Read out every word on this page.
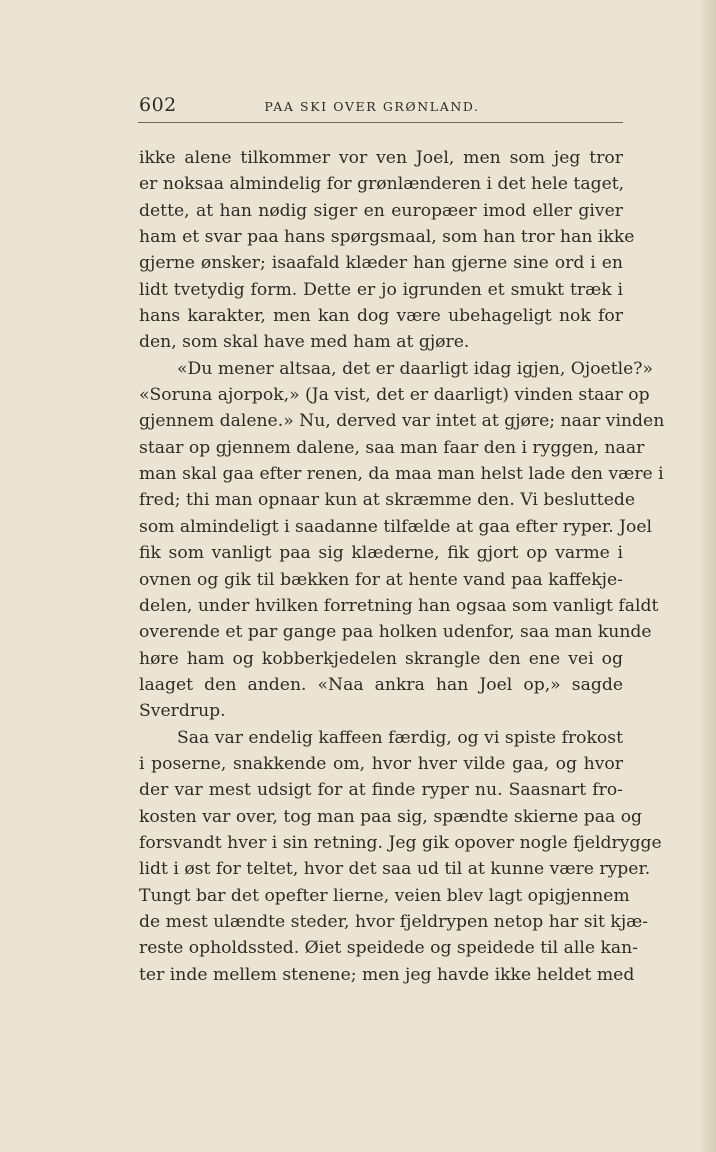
602	PAA SKI OVER GRØNLAND.
ikke alene tilkommer vor ven Joel, men som jeg tror
er noksaa almindelig for grønlænderen i det hele taget,
dette, at han nødig siger en europæer imod eller giver
ham et svar paa hans spørgsmaal, som han tror han ikke
gjerne ønsker; isaafald klæder han gjerne sine ord i en
lidt tvetydig form. Dette er jo igrunden et smukt træk i
hans karakter, men kan dog være ubehageligt nok for
den, som skal have med ham at gjøre.
«Du mener altsaa, det er daarligt idag igjen, Ojoetle?»
«Soruna ajorpok,» (Ja vist, det er daarligt) vinden staar op
gjennem dalene.» Nu, derved var intet at gjøre; naar vinden
staar op gjennem dalene, saa man faar den i ryggen, naar
man skal gaa efter renen, da maa man helst lade den være i
fred; thi man opnaar kun at skræmme den. Vi besluttede
som almindeligt i saadanne tilfælde at gaa efter ryper. Joel
fik som vanligt paa sig klæderne, fik gjort op varme i
ovnen og gik til bækken for at hente vand paa kaffekje-
delen, under hvilken forretning han ogsaa som vanligt faldt
overende et par gange paa holken udenfor, saa man kunde
høre ham og kobberkjedelen skrangle den ene vei og
laaget den anden. «Naa ankra han Joel op,» sagde
Sverdrup.
Saa var endelig kaffeen færdig, og vi spiste frokost
i poserne, snakkende om, hvor hver vilde gaa, og hvor
der var mest udsigt for at finde ryper nu. Saasnart fro-
kosten var over, tog man paa sig, spændte skierne paa og
forsvandt hver i sin retning. Jeg gik opover nogle fjeldrygge
lidt i øst for teltet, hvor det saa ud til at kunne være ryper.
Tungt bar det opefter lierne, veien blev lagt opigjennem
de mest ulændte steder, hvor fjeldrypen netop har sit kjæ-
reste opholdssted. Øiet speidede og speidede til alle kan-
ter inde mellem stenene; men jeg havde ikke heldet med
